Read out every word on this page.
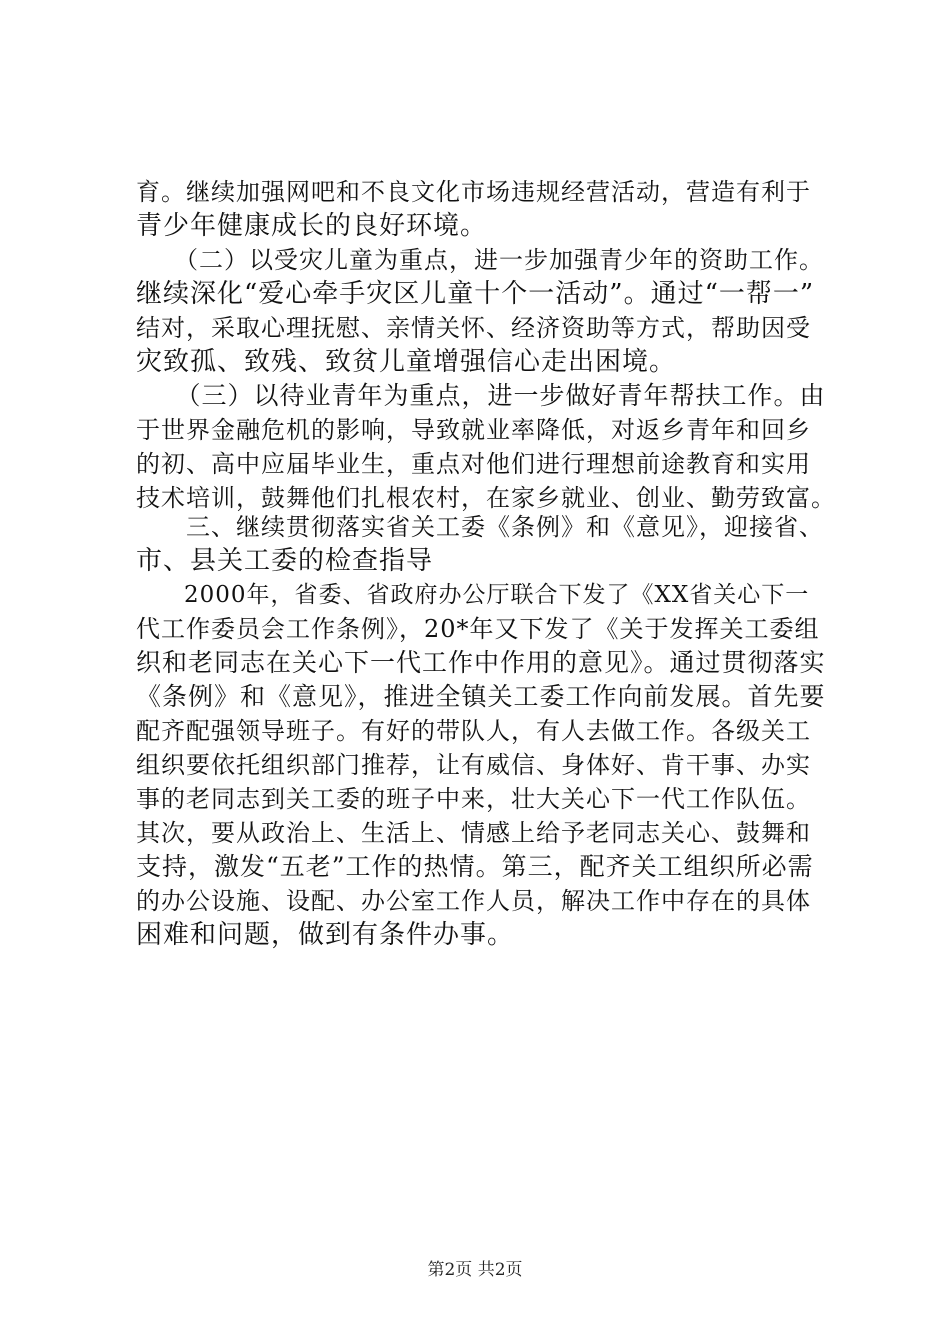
育。继续加强网吧和不良文化市场违规经营活动，营造有利于
青少年健康成长的良好环境。
　　（二）以受灾儿童为重点，进一步加强青少年的资助工作。
继续深化“爱心牵手灾区儿童十个一活动”。通过“一帮一”
结对，采取心理抚慰、亲情关怀、经济资助等方式，帮助因受
灾致孤、致残、致贫儿童增强信心走出困境。
　　（三）以待业青年为重点，进一步做好青年帮扶工作。由
于世界金融危机的影响，导致就业率降低，对返乡青年和回乡
的初、高中应届毕业生，重点对他们进行理想前途教育和实用
技术培训，鼓舞他们扎根农村，在家乡就业、创业、勤劳致富。
　　三、继续贯彻落实省关工委《条例》和《意见》，迎接省、
市、县关工委的检查指导
　　2000年，省委、省政府办公厅联合下发了《XX省关心下一
代工作委员会工作条例》，20*年又下发了《关于发挥关工委组
织和老同志在关心下一代工作中作用的意见》。通过贯彻落实
《条例》和《意见》，推进全镇关工委工作向前发展。首先要
配齐配强领导班子。有好的带队人，有人去做工作。各级关工
组织要依托组织部门推荐，让有威信、身体好、肯干事、办实
事的老同志到关工委的班子中来，壮大关心下一代工作队伍。
其次，要从政治上、生活上、情感上给予老同志关心、鼓舞和
支持，激发“五老”工作的热情。第三，配齐关工组织所必需
的办公设施、设配、办公室工作人员，解决工作中存在的具体
困难和问题，做到有条件办事。
第2页 共2页
